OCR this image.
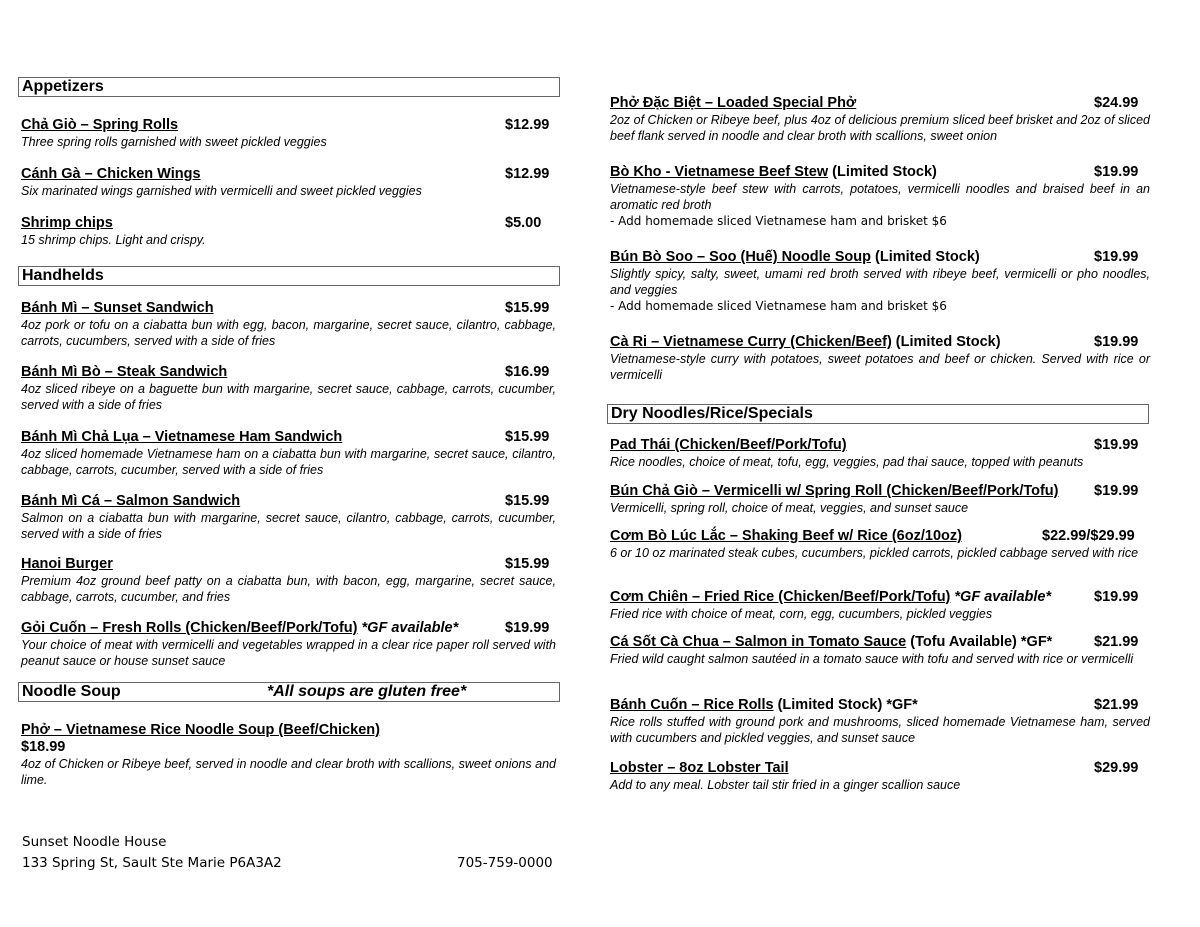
Appetizers
Chả Giò – Spring Rolls	$12.99
Three spring rolls garnished with sweet pickled veggies
Cánh Gà – Chicken Wings	$12.99
Six marinated wings garnished with vermicelli and sweet pickled veggies
Shrimp chips	$5.00
15 shrimp chips. Light and crispy.
Handhelds
Bánh Mì – Sunset Sandwich	$15.99
4oz pork or tofu on a ciabatta bun with egg, bacon, margarine, secret sauce, cilantro, cabbage, carrots, cucumbers, served with a side of fries
Bánh Mì Bò – Steak Sandwich	$16.99
4oz sliced ribeye on a baguette bun with margarine, secret sauce, cabbage, carrots, cucumber, served with a side of fries
Bánh Mì Chả Lụa – Vietnamese Ham Sandwich	$15.99
4oz sliced homemade Vietnamese ham on a ciabatta bun with margarine, secret sauce, cilantro, cabbage, carrots, cucumber, served with a side of fries
Bánh Mì Cá – Salmon Sandwich	$15.99
Salmon on a ciabatta bun with margarine, secret sauce, cilantro, cabbage, carrots, cucumber, served with a side of fries
Hanoi Burger	$15.99
Premium 4oz ground beef patty on a ciabatta bun, with bacon, egg, margarine, secret sauce, cabbage, carrots, cucumber, and fries
Gỏi Cuốn – Fresh Rolls (Chicken/Beef/Pork/Tofu) *GF available*	$19.99
Your choice of meat with vermicelli and vegetables wrapped in a clear rice paper roll served with peanut sauce or house sunset sauce
Noodle Soup	*All soups are gluten free*
Phở – Vietnamese Rice Noodle Soup (Beef/Chicken)
$18.99
4oz of Chicken or Ribeye beef, served in noodle and clear broth with scallions, sweet onions and lime.
Phở Đặc Biệt – Loaded Special Phở	$24.99
2oz of Chicken or Ribeye beef, plus 4oz of delicious premium sliced beef brisket and 2oz of sliced beef flank served in noodle and clear broth with scallions, sweet onion
Bò Kho - Vietnamese Beef Stew (Limited Stock)	$19.99
Vietnamese-style beef stew with carrots, potatoes, vermicelli noodles and braised beef in an aromatic red broth
- Add homemade sliced Vietnamese ham and brisket $6
Bún Bò Soo – Soo (Huế) Noodle Soup (Limited Stock)	$19.99
Slightly spicy, salty, sweet, umami red broth served with ribeye beef, vermicelli or pho noodles, and veggies
- Add homemade sliced Vietnamese ham and brisket $6
Cà Ri – Vietnamese Curry (Chicken/Beef) (Limited Stock)	$19.99
Vietnamese-style curry with potatoes, sweet potatoes and beef or chicken. Served with rice or vermicelli
Dry Noodles/Rice/Specials
Pad Thái (Chicken/Beef/Pork/Tofu)	$19.99
Rice noodles, choice of meat, tofu, egg, veggies, pad thai sauce, topped with peanuts
Bún Chả Giò – Vermicelli w/ Spring Roll (Chicken/Beef/Pork/Tofu)	$19.99
Vermicelli, spring roll, choice of meat, veggies, and sunset sauce
Cơm Bò Lúc Lắc – Shaking Beef w/ Rice (6oz/10oz)	$22.99/$29.99
6 or 10 oz marinated steak cubes, cucumbers, pickled carrots, pickled cabbage served with rice
Cơm Chiên – Fried Rice (Chicken/Beef/Pork/Tofu) *GF available*	$19.99
Fried rice with choice of meat, corn, egg, cucumbers, pickled veggies
Cá Sốt Cà Chua – Salmon in Tomato Sauce (Tofu Available) *GF*	$21.99
Fried wild caught salmon sautéed in a tomato sauce with tofu and served with rice or vermicelli
Bánh Cuốn – Rice Rolls (Limited Stock) *GF*	$21.99
Rice rolls stuffed with ground pork and mushrooms, sliced homemade Vietnamese ham, served with cucumbers and pickled veggies, and sunset sauce
Lobster – 8oz Lobster Tail	$29.99
Add to any meal. Lobster tail stir fried in a ginger scallion sauce
Sunset Noodle House
133 Spring St, Sault Ste Marie P6A3A2	705-759-0000
